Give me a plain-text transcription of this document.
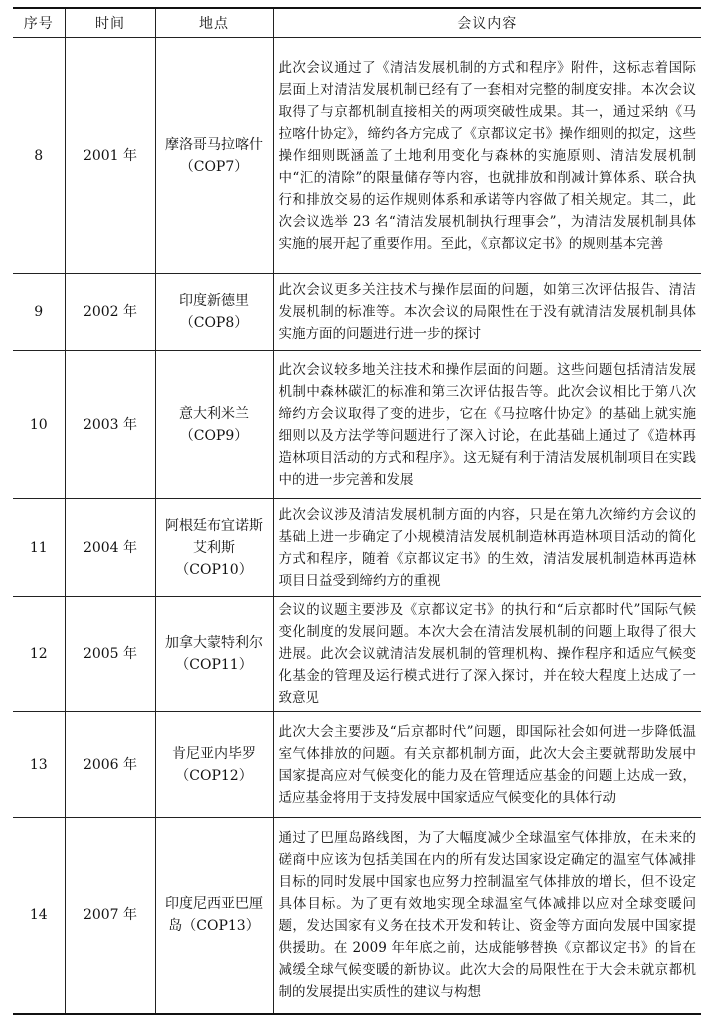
序号	时间	地点	会议内容
8	2001 年	摩洛哥马拉喀什（COP7）	此次会议通过了《清洁发展机制的方式和程序》附件，这标志着国际层面上对清洁发展机制已经有了一套相对完整的制度安排。本次会议取得了与京都机制直接相关的两项突破性成果。其一，通过采纳《马拉喀什协定》，缔约各方完成了《京都议定书》操作细则的拟定，这些操作细则既涵盖了土地利用变化与森林的实施原则、清洁发展机制中“汇的清除”的限量储存等内容，也就排放和削减计算体系、联合执行和排放交易的运作规则体系和承诺等内容做了相关规定。其二，此次会议选举 23 名“清洁发展机制执行理事会”，为清洁发展机制具体实施的展开起了重要作用。至此，《京都议定书》的规则基本完善
9	2002 年	印度新德里（COP8）	此次会议更多关注技术与操作层面的问题，如第三次评估报告、清洁发展机制的标准等。本次会议的局限性在于没有就清洁发展机制具体实施方面的问题进行进一步的探讨
10	2003 年	意大利米兰（COP9）	此次会议较多地关注技术和操作层面的问题。这些问题包括清洁发展机制中森林碳汇的标准和第三次评估报告等。此次会议相比于第八次缔约方会议取得了变的进步，它在《马拉喀什协定》的基础上就实施细则以及方法学等问题进行了深入讨论，在此基础上通过了《造林再造林项目活动的方式和程序》。这无疑有利于清洁发展机制项目在实践中的进一步完善和发展
11	2004 年	阿根廷布宜诺斯艾利斯（COP10）	此次会议涉及清洁发展机制方面的内容，只是在第九次缔约方会议的基础上进一步确定了小规模清洁发展机制造林再造林项目活动的简化方式和程序，随着《京都议定书》的生效，清洁发展机制造林再造林项目日益受到缔约方的重视
12	2005 年	加拿大蒙特利尔（COP11）	会议的议题主要涉及《京都议定书》的执行和“后京都时代”国际气候变化制度的发展问题。本次大会在清洁发展机制的问题上取得了很大进展。此次会议就清洁发展机制的管理机构、操作程序和适应气候变化基金的管理及运行模式进行了深入探讨，并在较大程度上达成了一致意见
13	2006 年	肯尼亚内毕罗（COP12）	此次大会主要涉及“后京都时代”问题，即国际社会如何进一步降低温室气体排放的问题。有关京都机制方面，此次大会主要就帮助发展中国家提高应对气候变化的能力及在管理适应基金的问题上达成一致，适应基金将用于支持发展中国家适应气候变化的具体行动
14	2007 年	印度尼西亚巴厘岛（COP13）	通过了巴厘岛路线图，为了大幅度减少全球温室气体排放，在未来的磋商中应该为包括美国在内的所有发达国家设定确定的温室气体减排目标的同时发展中国家也应努力控制温室气体排放的增长，但不设定具体目标。为了更有效地实现全球温室气体减排以应对全球变暖问题，发达国家有义务在技术开发和转让、资金等方面向发展中国家提供援助。在 2009 年年底之前，达成能够替换《京都议定书》的旨在减缓全球气候变暖的新协议。此次大会的局限性在于大会未就京都机制的发展提出实质性的建议与构想
